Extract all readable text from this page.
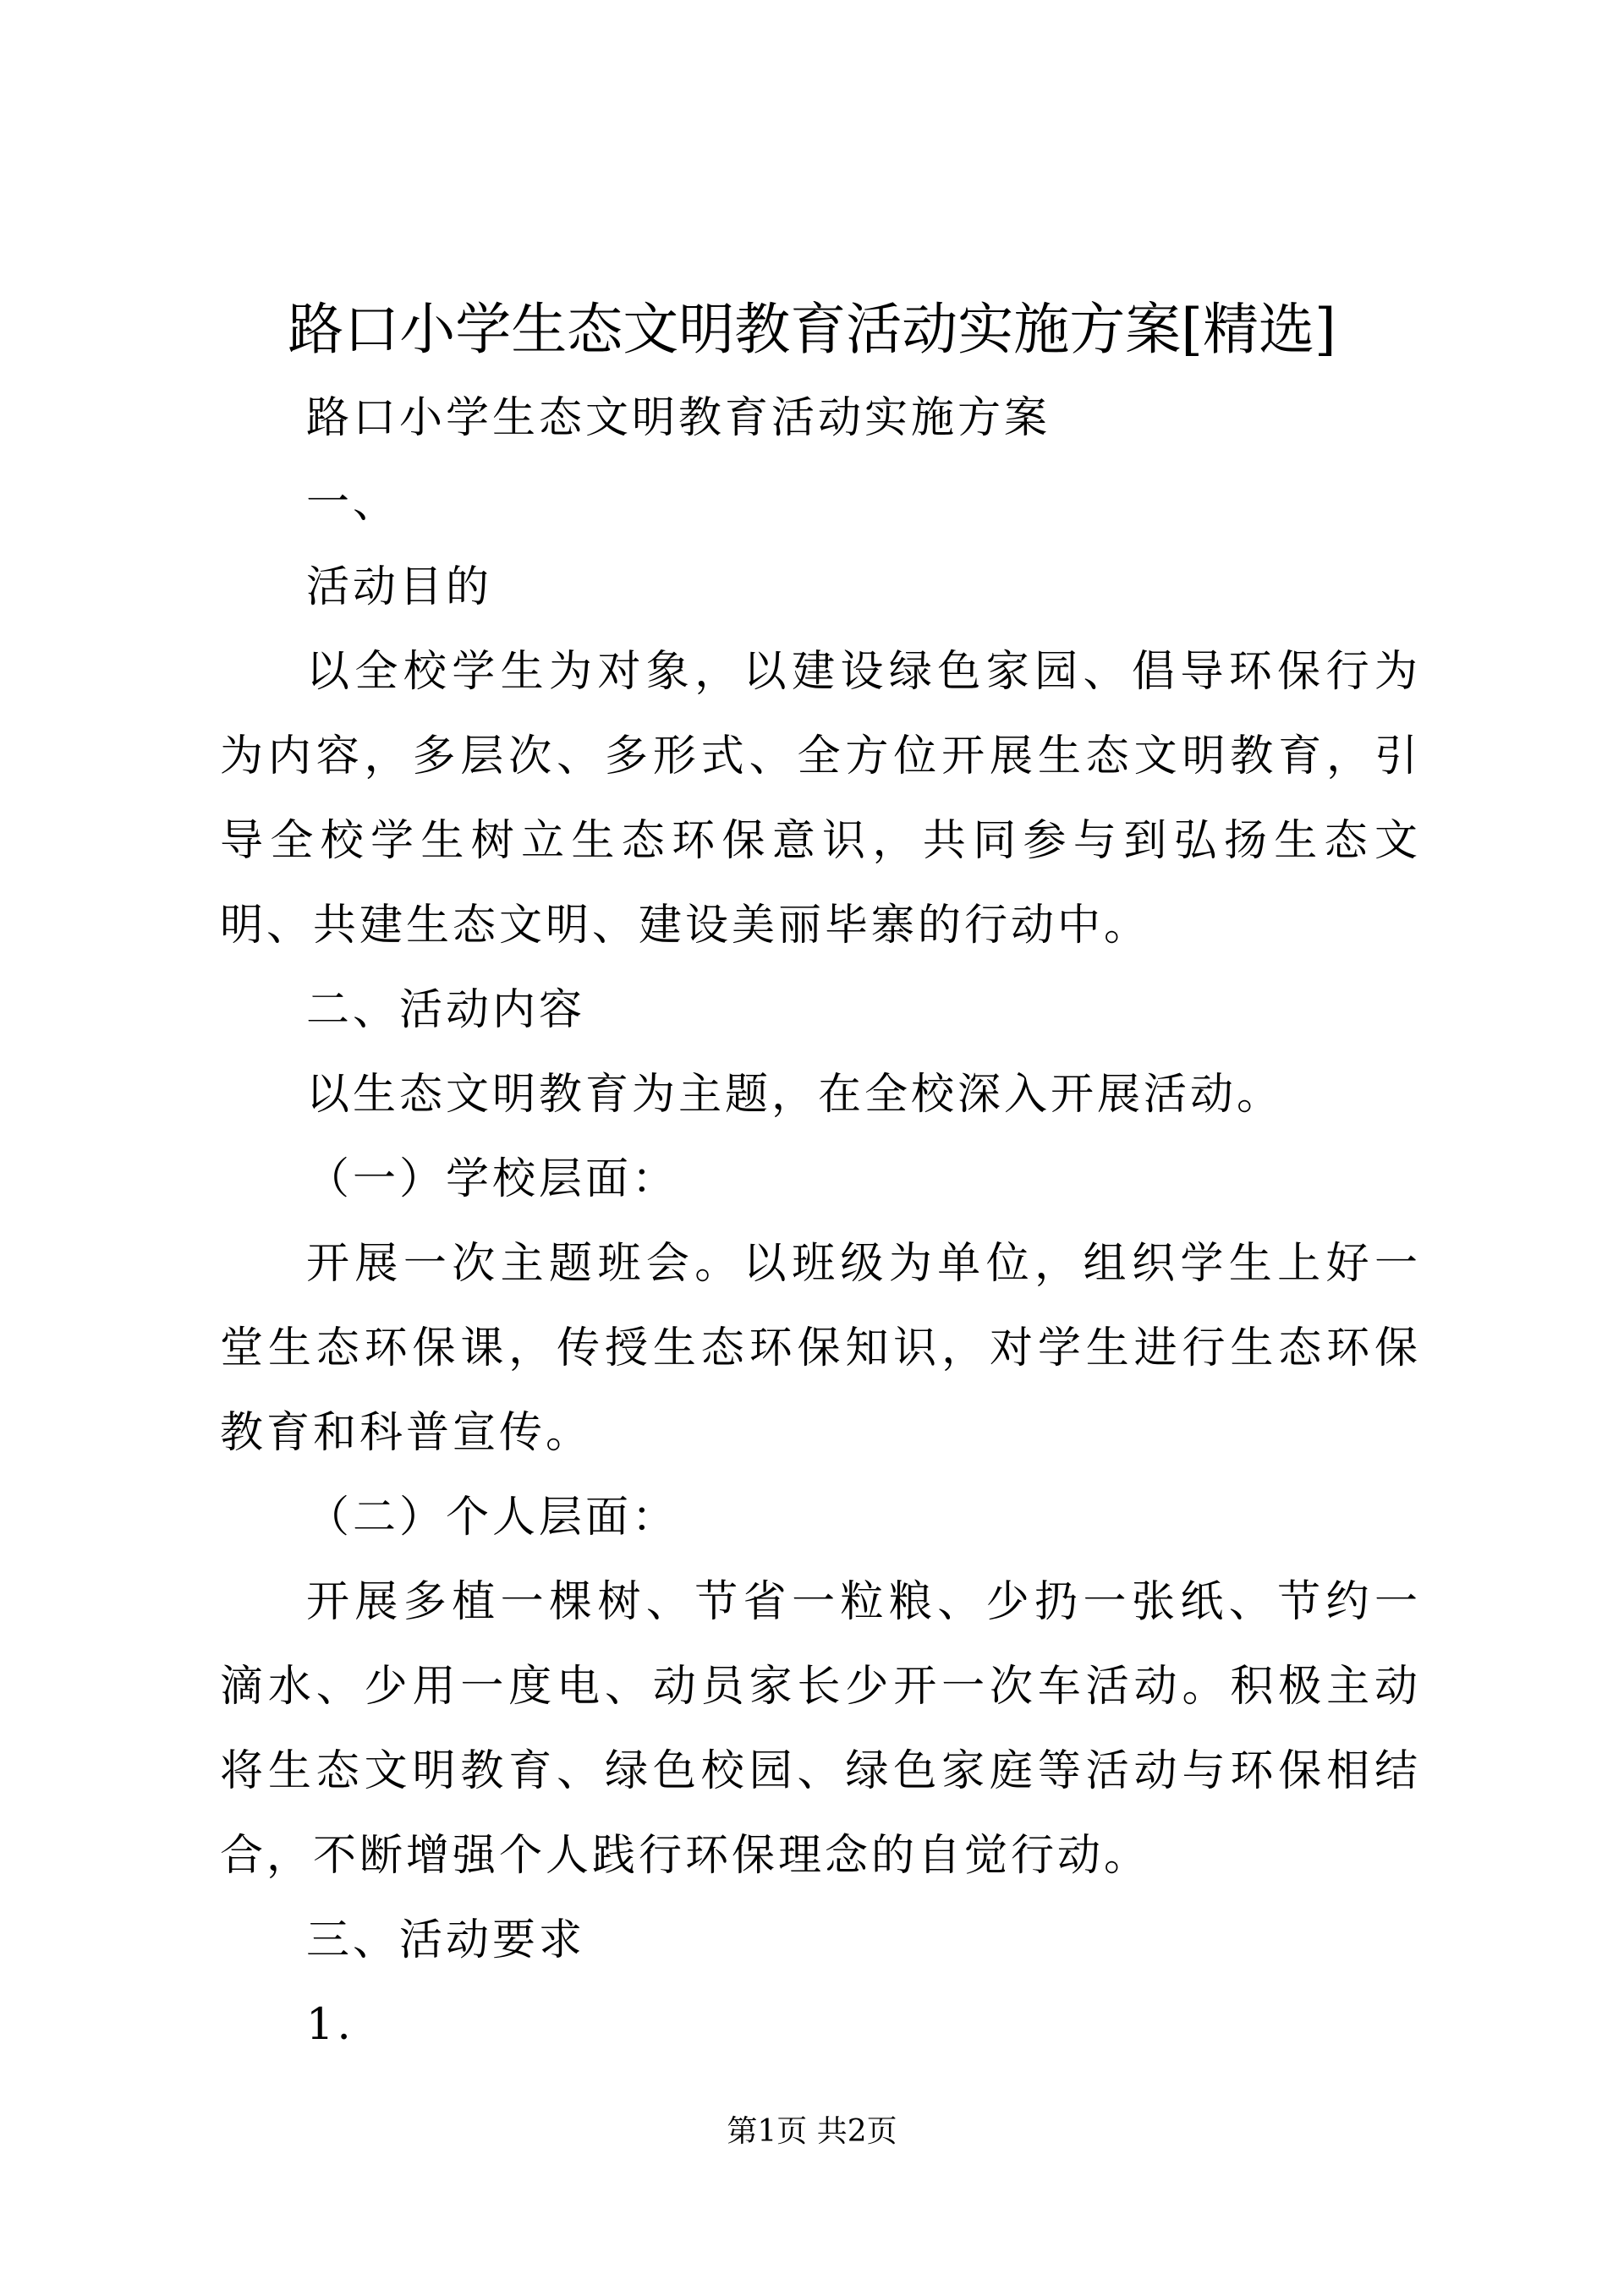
路口小学生态文明教育活动实施方案[精选]

路口小学生态文明教育活动实施方案

一、

活动目的

以全校学生为对象，以建设绿色家园、倡导环保行为为内容，多层次、多形式、全方位开展生态文明教育，引导全校学生树立生态环保意识，共同参与到弘扬生态文明、共建生态文明、建设美丽毕寨的行动中。

二、活动内容

以生态文明教育为主题，在全校深入开展活动。

（一）学校层面：

开展一次主题班会。以班级为单位，组织学生上好一堂生态环保课，传授生态环保知识，对学生进行生态环保教育和科普宣传。

（二）个人层面：

开展多植一棵树、节省一粒粮、少扔一张纸、节约一滴水、少用一度电、动员家长少开一次车活动。积极主动将生态文明教育、绿色校园、绿色家庭等活动与环保相结合，不断增强个人践行环保理念的自觉行动。

三、活动要求

1.

第1页 共2页
